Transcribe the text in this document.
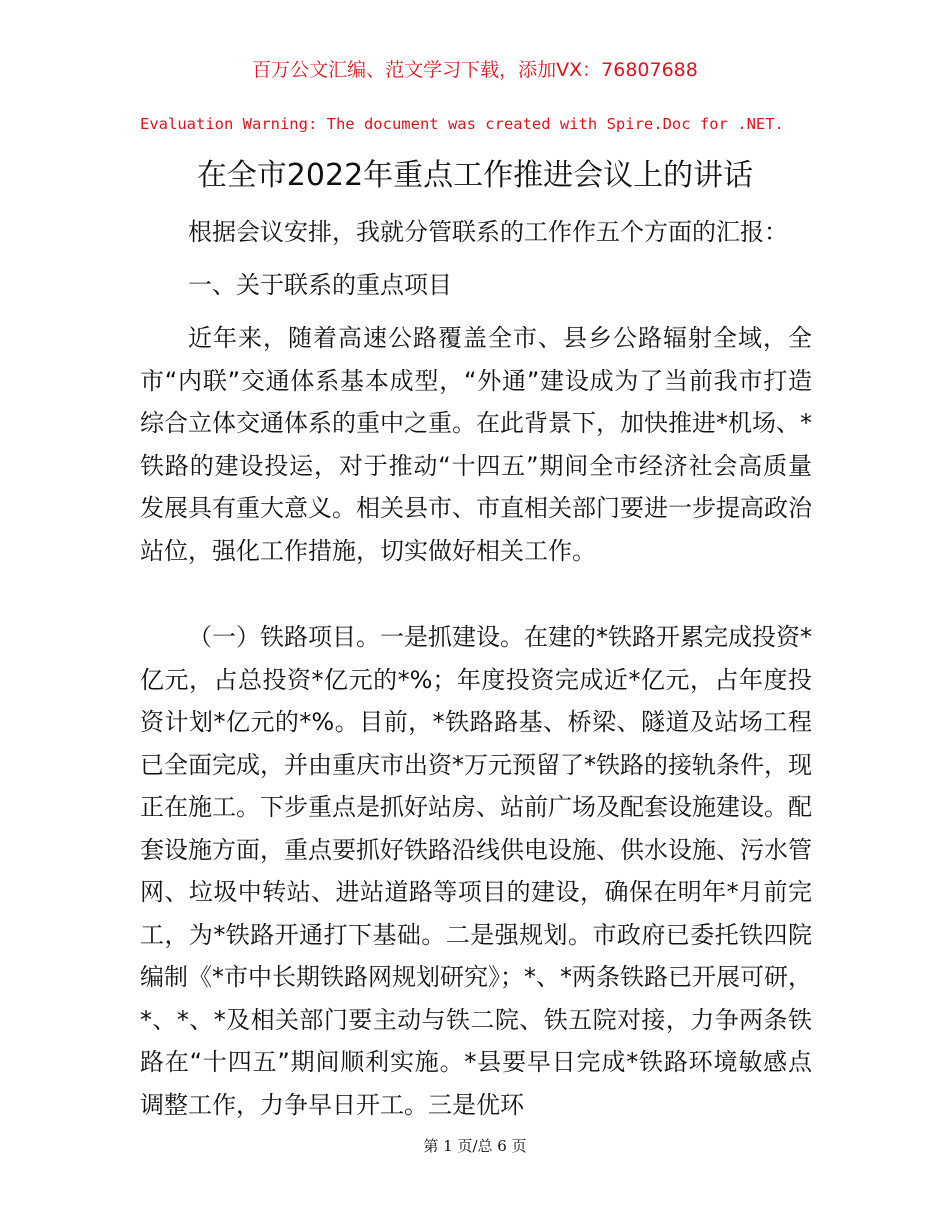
百万公文汇编、范文学习下载，添加VX：76807688
Evaluation Warning: The document was created with Spire.Doc for .NET.
在全市2022年重点工作推进会议上的讲话

根据会议安排，我就分管联系的工作作五个方面的汇报：

一、关于联系的重点项目

近年来，随着高速公路覆盖全市、县乡公路辐射全域，全市“内联”交通体系基本成型，“外通”建设成为了当前我市打造综合立体交通体系的重中之重。在此背景下，加快推进*机场、*铁路的建设投运，对于推动“十四五”期间全市经济社会高质量发展具有重大意义。相关县市、市直相关部门要进一步提高政治站位，强化工作措施，切实做好相关工作。

（一）铁路项目。一是抓建设。在建的*铁路开累完成投资*亿元，占总投资*亿元的*%；年度投资完成近*亿元，占年度投资计划*亿元的*%。目前，*铁路路基、桥梁、隧道及站场工程已全面完成，并由重庆市出资*万元预留了*铁路的接轨条件，现正在施工。下步重点是抓好站房、站前广场及配套设施建设。配套设施方面，重点要抓好铁路沿线供电设施、供水设施、污水管网、垃圾中转站、进站道路等项目的建设，确保在明年*月前完工，为*铁路开通打下基础。二是强规划。市政府已委托铁四院编制《*市中长期铁路网规划研究》；*、*两条铁路已开展可研，*、*、*及相关部门要主动与铁二院、铁五院对接，力争两条铁路在“十四五”期间顺利实施。*县要早日完成*铁路环境敏感点调整工作，力争早日开工。三是优环

第 1 页/总 6 页
